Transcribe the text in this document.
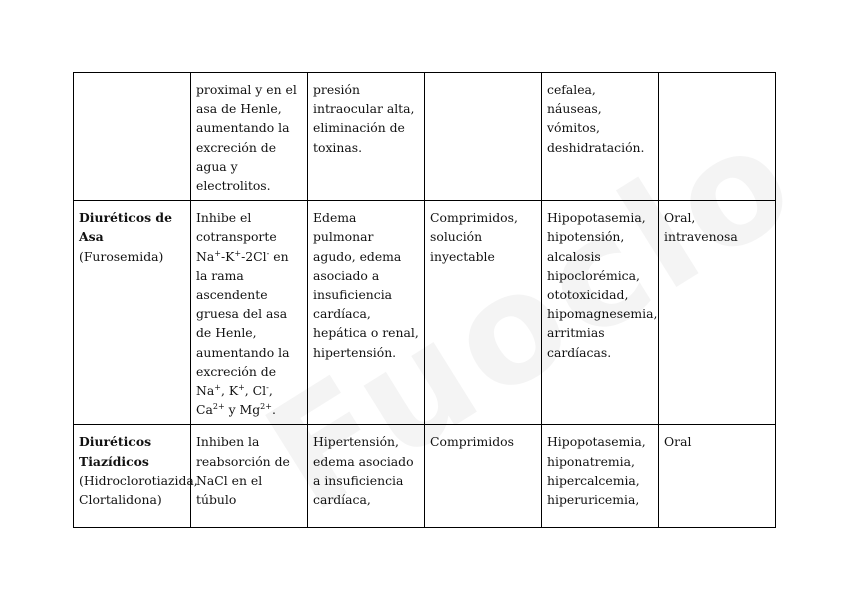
	proximal y en el asa de Henle, aumentando la excreción de agua y electrolitos.	presión intraocular alta, eliminación de toxinas.		cefalea, náuseas, vómitos, deshidratación.	

Diuréticos de Asa
(Furosemida)	Inhibe el cotransporte Na+-K+-2Cl- en la rama ascendente gruesa del asa de Henle, aumentando la excreción de Na+, K+, Cl-, $Ca^{2+}$ y $Mg^{2+}$.	Edema pulmonar agudo, edema asociado a insuficiencia cardíaca, hepática o renal, hipertensión.	Comprimidos, solución inyectable	Hipopotasemia, hipotensión, alcalosis hipoclorémica, ototoxicidad, hipomagnesemia, arritmias cardíacas.	Oral, intravenosa

Diuréticos Tiazídicos
(Hidroclorotiazida, Clortalidona)	Inhiben la reabsorción de NaCl en el túbulo	Hipertensión, edema asociado a insuficiencia cardíaca,	Comprimidos	Hipopotasemia, hiponatremia, hipercalcemia, hiperuricemia,	Oral
